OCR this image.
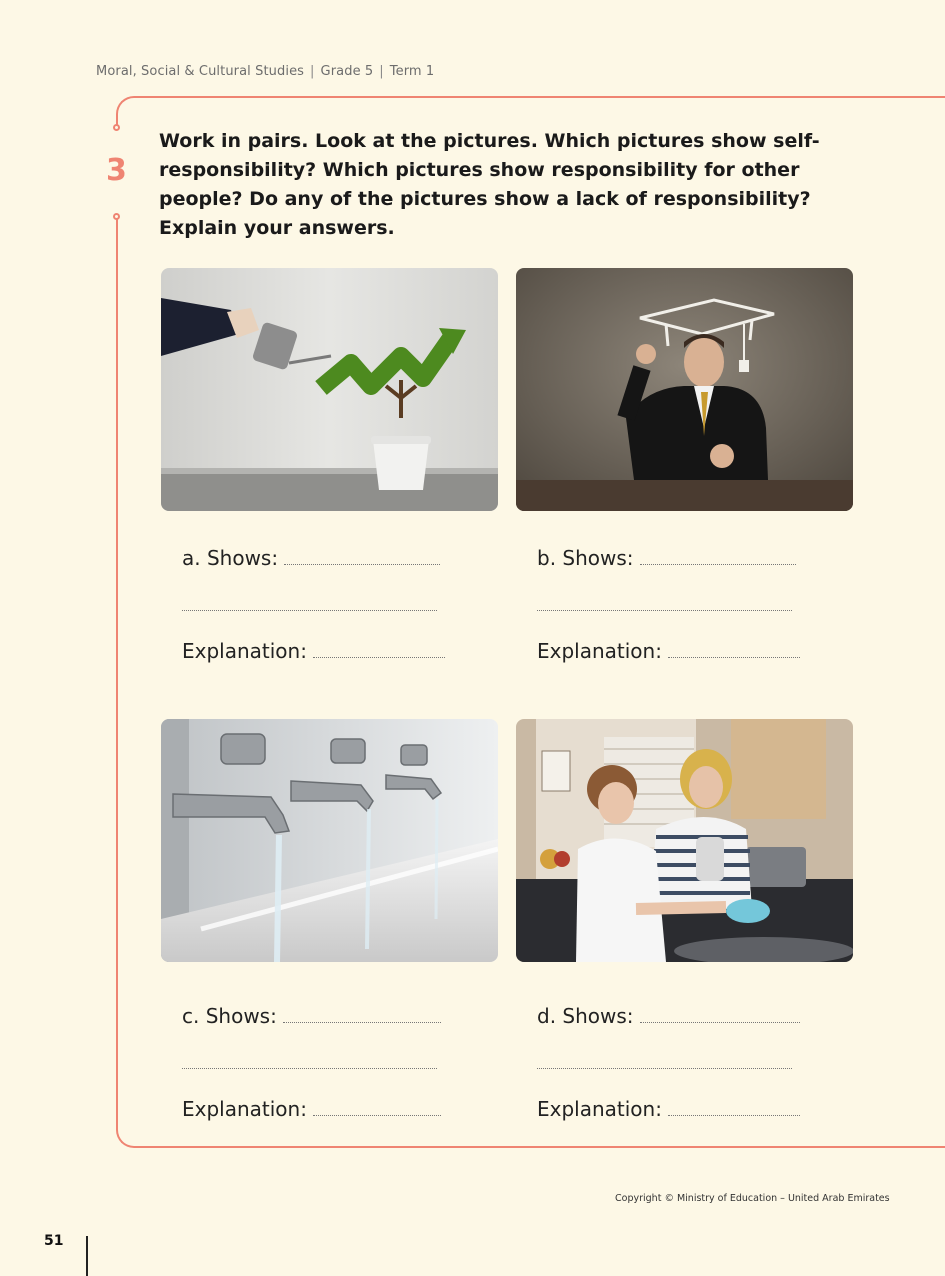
Moral, Social & Cultural Studies | Grade 5 | Term 1
3
Work in pairs. Look at the pictures. Which pictures show self-responsibility? Which pictures show responsibility for other people? Do any of the pictures show a lack of responsibility? Explain your answers.
a. Shows:
Explanation:
b. Shows:
Explanation:
c. Shows:
Explanation:
d. Shows:
Explanation:
Copyright © Ministry of Education – United Arab Emirates
51
